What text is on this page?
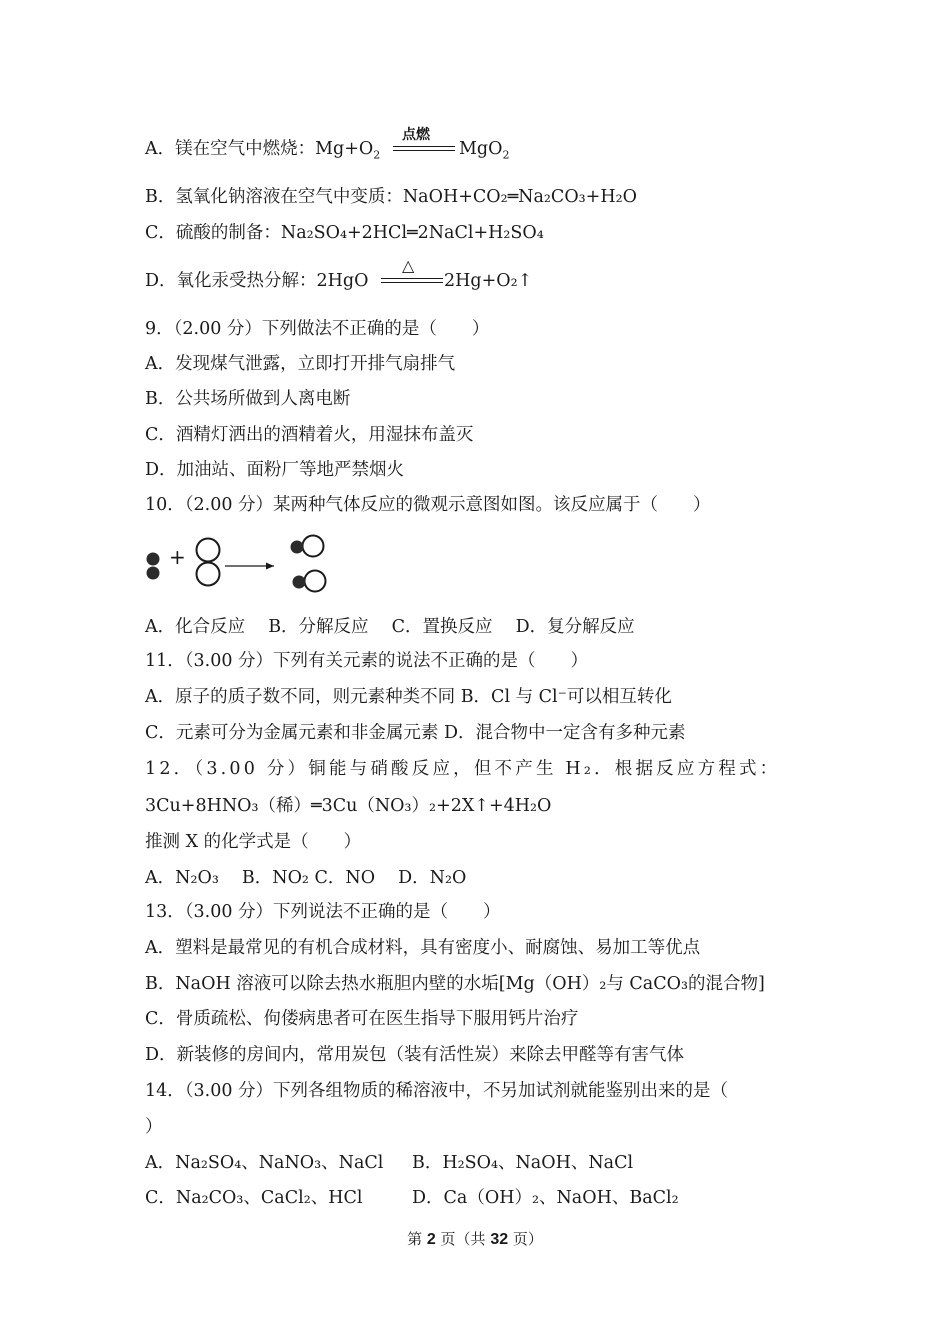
A．镁在空气中燃烧：$Mg+O_2$
点燃
MgO$_2$
B．氢氧化钠溶液在空气中变质：NaOH+CO₂═Na₂CO₃+H₂O
C．硫酸的制备：Na₂SO₄+2HCl═2NaCl+H₂SO₄
D．氧化汞受热分解：2HgO
△
2Hg+O₂↑
9．（2.00 分）下列做法不正确的是（　　）
A．发现煤气泄露，立即打开排气扇排气
B．公共场所做到人离电断
C．酒精灯洒出的酒精着火，用湿抹布盖灭
D．加油站、面粉厂等地严禁烟火
10．（2.00 分）某两种气体反应的微观示意图如图。该反应属于（　　）
+
A．化合反应　 B．分解反应　 C．置换反应　 D．复分解反应
11．（3.00 分）下列有关元素的说法不正确的是（　　）
A．原子的质子数不同，则元素种类不同 B．Cl 与 Cl⁻可以相互转化
C．元素可分为金属元素和非金属元素 D．混合物中一定含有多种元素
12．（3.00 分）铜能与硝酸反应，但不产生 H₂．根据反应方程式：
3Cu+8HNO₃（稀）═3Cu（NO₃）₂+2X↑+4H₂O
推测 X 的化学式是（　　）
A．N₂O₃　 B．NO₂ C．NO　 D．N₂O
13．（3.00 分）下列说法不正确的是（　　）
A．塑料是最常见的有机合成材料，具有密度小、耐腐蚀、易加工等优点
B．NaOH 溶液可以除去热水瓶胆内壁的水垢[Mg（OH）₂与 CaCO₃的混合物]
C．骨质疏松、佝偻病患者可在医生指导下服用钙片治疗
D．新装修的房间内，常用炭包（装有活性炭）来除去甲醛等有害气体
14．（3.00 分）下列各组物质的稀溶液中，不另加试剂就能鉴别出来的是（
）
A．Na₂SO₄、NaNO₃、NaCl B．H₂SO₄、NaOH、NaCl
C．Na₂CO₃、CaCl₂、HCl	D．Ca（OH）₂、NaOH、BaCl₂
第 2 页（共 32 页）
